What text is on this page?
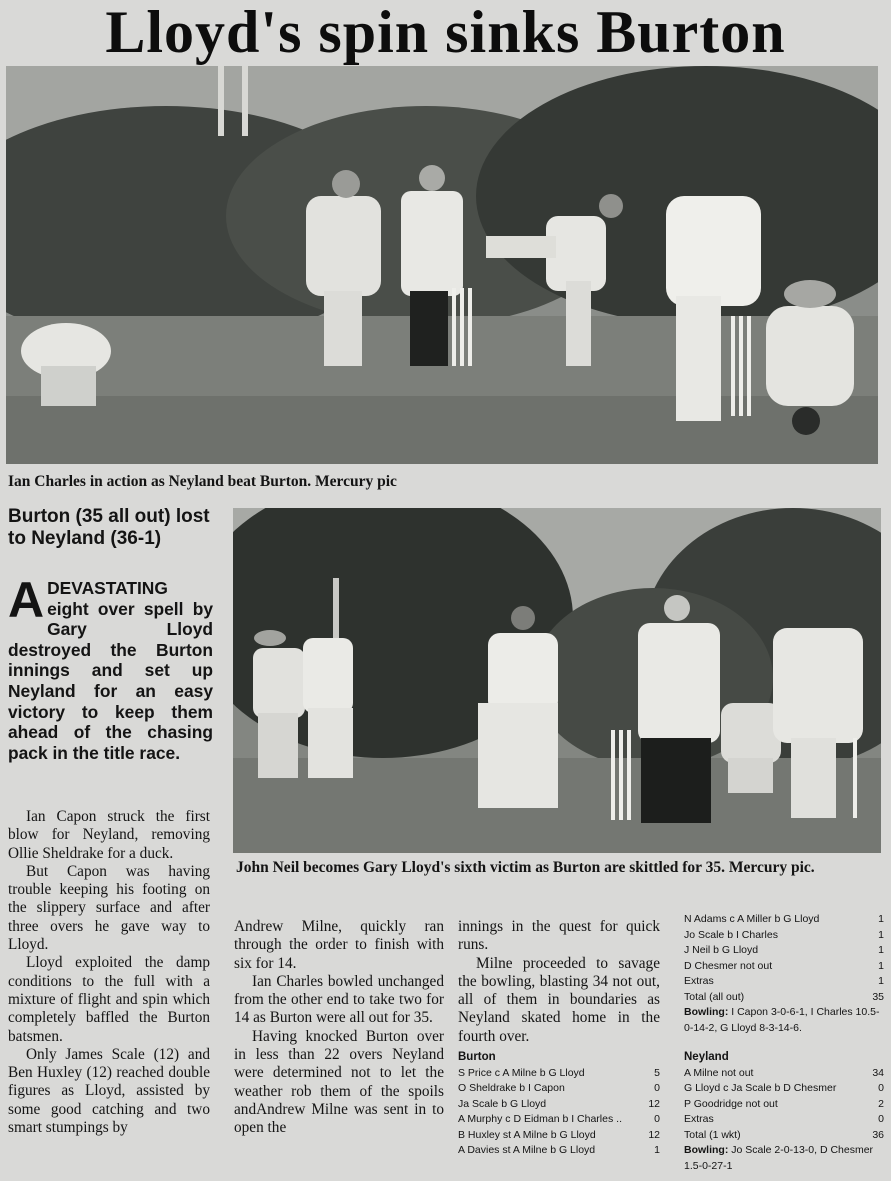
Lloyd's spin sinks Burton
Ian Charles in action as Neyland beat Burton. Mercury pic
John Neil becomes Gary Lloyd's sixth victim as Burton are skittled for 35. Mercury pic.
Burton (35 all out) lost to Neyland (36-1)
ADEVASTATING eight over spell by Gary Lloyd destroyed the Burton innings and set up Neyland for an easy victory to keep them ahead of the chasing pack in the title race.

Ian Capon struck the first blow for Neyland, removing Ollie Sheldrake for a duck.

But Capon was having trouble keeping his footing on the slippery surface and after three overs he gave way to Lloyd.

Lloyd exploited the damp conditions to the full with a mixture of flight and spin which completely baffled the Burton batsmen.

Only James Scale (12) and Ben Huxley (12) reached double figures as Lloyd, assisted by some good catching and two smart stumpings by

Andrew Milne, quickly ran through the order to finish with six for 14.

Ian Charles bowled unchanged from the other end to take two for 14 as Burton were all out for 35.

Having knocked Burton over in less than 22 overs Neyland were determined not to let the weather rob them of the spoils andAndrew Milne was sent in to open the

innings in the quest for quick runs.

Milne proceeded to savage the bowling, blasting 34 not out, all of them in boundaries as Neyland skated home in the fourth over.

Burton
S Price c A Milne b G Lloyd	5
O Sheldrake b I Capon	0
Ja Scale b G Lloyd	12
A Murphy c D Eidman b I Charles ..	0
B Huxley st A Milne b G Lloyd	12
A Davies st A Milne b G Lloyd	1
N Adams c A Miller b G Lloyd	1
Jo Scale b I Charles	1
J Neil b G Lloyd	1
D Chesmer not out	1
Extras	1
Total (all out)	35
Bowling: I Capon 3-0-6-1, I Charles 10.5-0-14-2, G Lloyd 8-3-14-6.
Neyland
A Milne not out	34
G Lloyd c Ja Scale b D Chesmer	0
P Goodridge not out	2
Extras	0
Total (1 wkt)	36
Bowling: Jo Scale 2-0-13-0, D Chesmer 1.5-0-27-1
